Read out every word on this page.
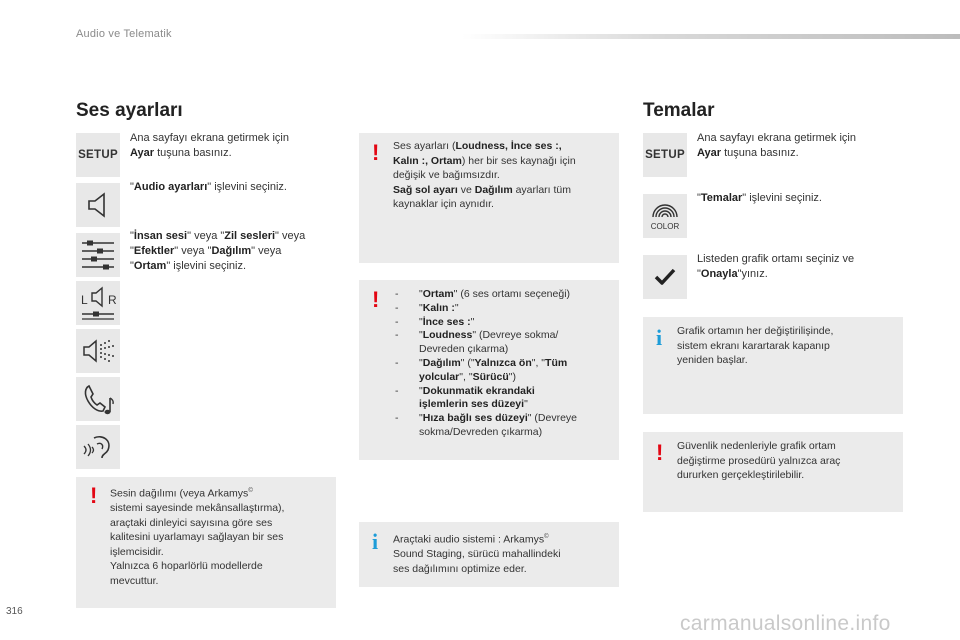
Audio ve Telematik
Ses ayarları
SETUP
Ana sayfayı ekrana getirmek için
Ayar tuşuna basınız.
"Audio ayarları" işlevini seçiniz.
"İnsan sesi" veya "Zil sesleri" veya
"Efektler" veya "Dağılım" veya
"Ortam" işlevini seçiniz.
L R
! Sesin dağılımı (veya Arkamys©
sistemi sayesinde mekânsallaştırma),
araçtaki dinleyici sayısına göre ses
kalitesini uyarlamayı sağlayan bir ses
işlemcisidir.
Yalnızca 6 hoparlörlü modellerde
mevcuttur.
! Ses ayarları (Loudness, İnce ses :,
Kalın :, Ortam) her bir ses kaynağı için
değişik ve bağımsızdır.
Sağ sol ayarı ve Dağılım ayarları tüm
kaynaklar için aynıdır.
!
-	"Ortam" (6 ses ortamı seçeneği)
- "Kalın :"
- "İnce ses :"
- "Loudness" (Devreye sokma/
Devreden çıkarma)
- "Dağılım" ("Yalnızca ön", "Tüm
yolcular", "Sürücü")
- "Dokunmatik ekrandaki
işlemlerin ses düzeyi"
- "Hıza bağlı ses düzeyi" (Devreye
sokma/Devreden çıkarma)
i Araçtaki audio sistemi : Arkamys©
Sound Staging, sürücü mahallindeki
ses dağılımını optimize eder.
Temalar
SETUP
Ana sayfayı ekrana getirmek için
Ayar tuşuna basınız.
COLOR
"Temalar" işlevini seçiniz.
Listeden grafik ortamı seçiniz ve
"Onayla"yınız.
i Grafik ortamın her değiştirilişinde,
sistem ekranı karartarak kapanıp
yeniden başlar.
! Güvenlik nedenleriyle grafik ortam
değiştirme prosedürü yalnızca araç
dururken gerçekleştirilebilir.
316
carmanualsonline.info
